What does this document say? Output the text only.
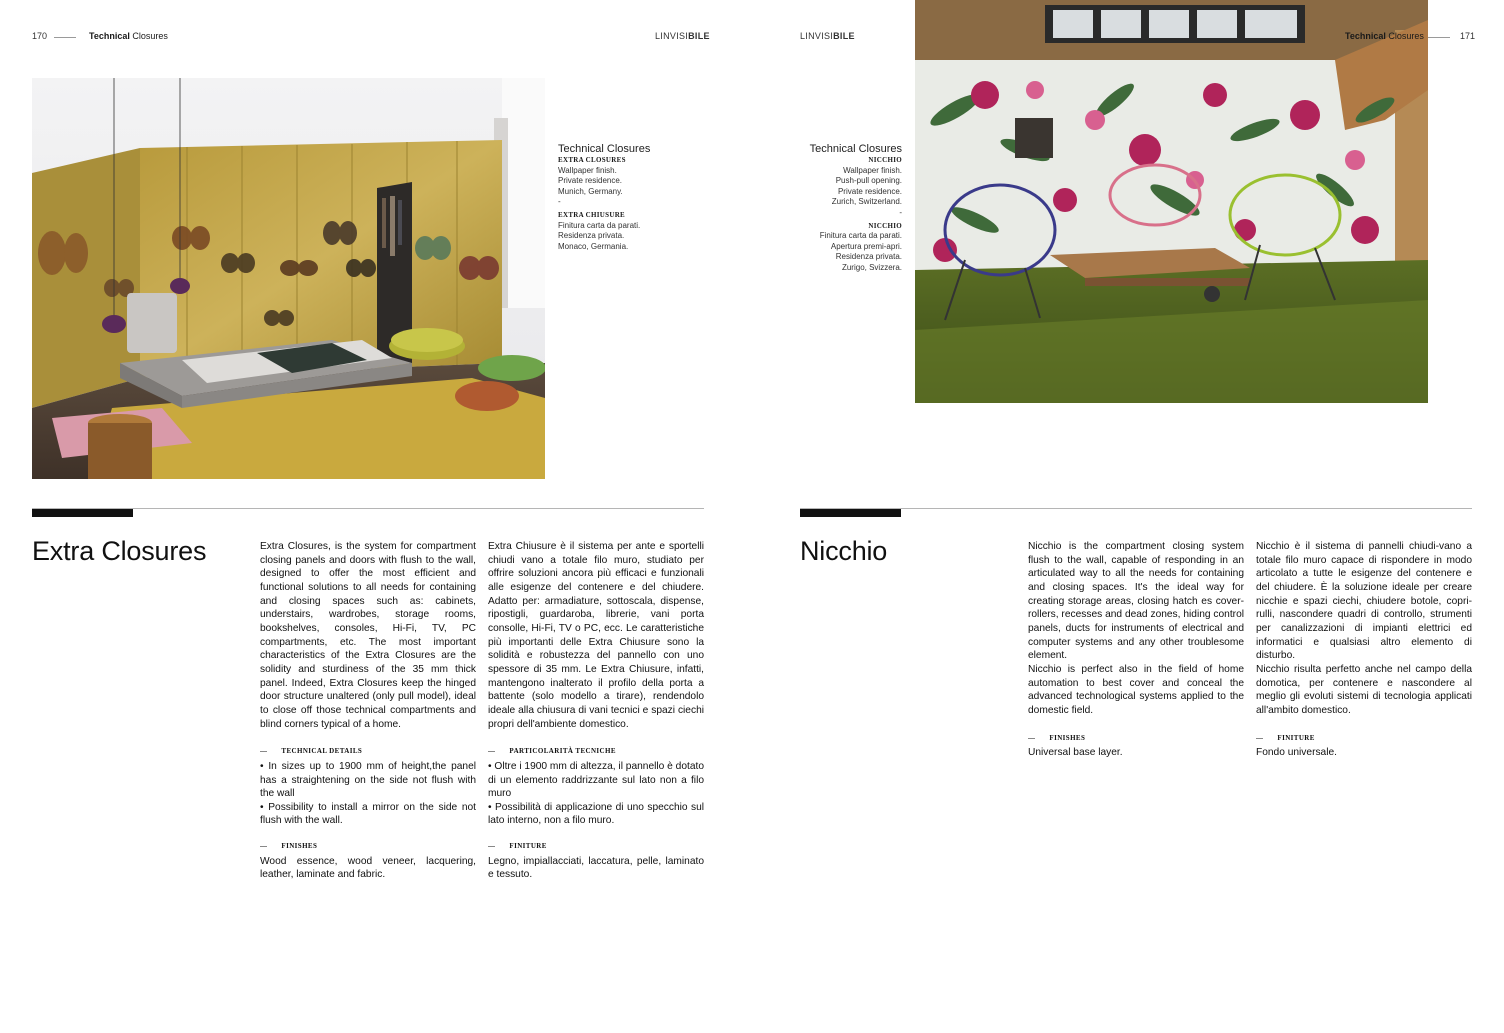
170	Technical Closures	LINVISIBILE	LINVISIBILE
Technical Closures
EXTRA CLOSURES
Wallpaper finish.
Private residence.
Munich, Germany.
-
EXTRA CHIUSURE
Finitura carta da parati.
Residenza privata.
Monaco, Germania.
Technical Closures	171
Technical Closures
NICCHIO
Wallpaper finish.
Push-pull opening.
Private residence.
Zurich, Switzerland.
-
NICCHIO
Finitura carta da parati.
Apertura premi-apri.
Residenza privata.
Zurigo, Svizzera.
Extra Closures	Extra Closures, is the system for compartment closing panels and doors with flush to the wall, designed to offer the most efficient and functional solutions to all needs for containing and closing spaces such as: cabinets, understairs, wardrobes, storage rooms, bookshelves, consoles, Hi-Fi, TV, PC compartments, etc. The most important characteristics of the Extra Closures are the solidity and sturdiness of the 35 mm thick panel. Indeed, Extra Closures keep the hinged door structure unaltered (only pull model), ideal to close off those technical compartments and blind corners typical of a home.

— TECHNICAL DETAILS

• In sizes up to 1900 mm of height,the panel has a straightening on the side not flush with the wall

• Possibility to install a mirror on the side not flush with the wall.

— FINISHES

Wood essence, wood veneer, lacquering, leather, laminate and fabric.

Extra Chiusure è il sistema per ante e sportelli chiudi vano a totale filo muro, studiato per offrire soluzioni ancora più efficaci e funzionali alle esigenze del contenere e del chiudere. Adatto per: armadiature, sottoscala, dispense, ripostigli, guardaroba, librerie, vani porta consolle, Hi-Fi, TV o PC, ecc. Le caratteristiche più importanti delle Extra Chiusure sono la solidità e robustezza del pannello con uno spessore di 35 mm. Le Extra Chiusure, infatti, mantengono inalterato il profilo della porta a battente (solo modello a tirare), rendendolo ideale alla chiusura di vani tecnici e spazi ciechi propri dell'ambiente domestico.

— PARTICOLARITÀ TECNICHE

• Oltre i 1900 mm di altezza, il pannello è dotato di un elemento raddrizzante sul lato non a filo muro

• Possibilità di applicazione di uno specchio sul lato interno, non a filo muro.

— FINITURE

Legno, impiallacciati, laccatura, pelle, laminato e tessuto.

Nicchio	Nicchio is the compartment closing system flush to the wall, capable of responding in an articulated way to all the needs for containing and closing spaces. It's the ideal way for creating storage areas, closing hatch es cover-rollers, recesses and dead zones, hiding control panels, ducts for instruments of electrical and computer systems and any other troublesome element.

Nicchio is perfect also in the field of home automation to best cover and conceal the advanced technological systems applied to the domestic field.

— FINISHES

Universal base layer.

Nicchio è il sistema di pannelli chiudi-vano a totale filo muro capace di rispondere in modo articolato a tutte le esigenze del contenere e del chiudere. È la soluzione ideale per creare nicchie e spazi ciechi, chiudere botole, copri-rulli, nascondere quadri di controllo, strumenti per canalizzazioni di impianti elettrici ed informatici e qualsiasi altro elemento di disturbo.

Nicchio risulta perfetto anche nel campo della domotica, per contenere e nascondere al meglio gli evoluti sistemi di tecnologia applicati all'ambito domestico.

— FINITURE

Fondo universale.
